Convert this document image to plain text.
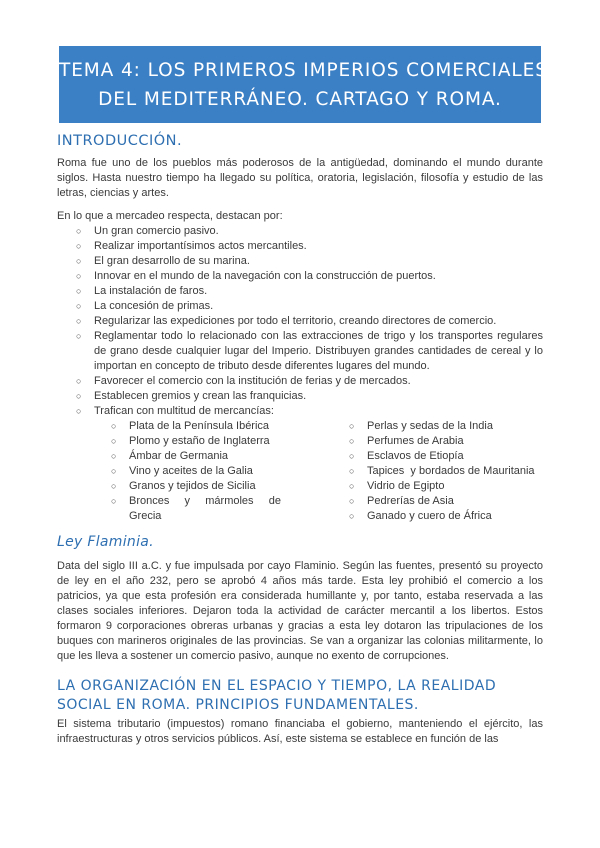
TEMA 4: LOS PRIMEROS IMPERIOS COMERCIALES
DEL MEDITERRÁNEO. CARTAGO Y ROMA.
INTRODUCCIÓN.
Roma fue uno de los pueblos más poderosos de la antigüedad, dominando el mundo durante siglos. Hasta nuestro tiempo ha llegado su política, oratoria, legislación, filosofía y estudio de las letras, ciencias y artes.
En lo que a mercadeo respecta, destacan por:
○ Un gran comercio pasivo.
○ Realizar importantísimos actos mercantiles.
○ El gran desarrollo de su marina.
○ Innovar en el mundo de la navegación con la construcción de puertos.
○ La instalación de faros.
○ La concesión de primas.
○ Regularizar las expediciones por todo el territorio, creando directores de comercio.
○ Reglamentar todo lo relacionado con las extracciones de trigo y los transportes regulares de grano desde cualquier lugar del Imperio. Distribuyen grandes cantidades de cereal y lo importan en concepto de tributo desde diferentes lugares del mundo.
○ Favorecer el comercio con la institución de ferias y de mercados.
○ Establecen gremios y crean las franquicias.
○ Trafican con multitud de mercancías:
○ Plata de la Península Ibérica
○ Plomo y estaño de Inglaterra
○ Ámbar de Germania
○ Vino y aceites de la Galia
○ Granos y tejidos de Sicilia
○ Bronces y mármoles de
Grecia
○ Perlas y sedas de la India
○ Perfumes de Arabia
○ Esclavos de Etiopía
○ Tapices  y bordados de Mauritania
○ Vidrio de Egipto
○ Pedrerías de Asia
○ Ganado y cuero de África
Ley Flaminia.
Data del siglo III a.C. y fue impulsada por cayo Flaminio. Según las fuentes, presentó su proyecto de ley en el año 232, pero se aprobó 4 años más tarde. Esta ley prohibió el comercio a los patricios, ya que esta profesión era considerada humillante y, por tanto, estaba reservada a las clases sociales inferiores. Dejaron toda la actividad de carácter mercantil a los libertos. Estos formaron 9 corporaciones obreras urbanas y gracias a esta ley dotaron las tripulaciones de los buques con marineros originales de las provincias. Se van a organizar las colonias militarmente, lo que les lleva a sostener un comercio pasivo, aunque no exento de corrupciones.
LA ORGANIZACIÓN EN EL ESPACIO Y TIEMPO, LA REALIDAD SOCIAL EN ROMA. PRINCIPIOS FUNDAMENTALES.
El sistema tributario (impuestos) romano financiaba el gobierno, manteniendo el ejército, las infraestructuras y otros servicios públicos. Así, este sistema se establece en función de las
